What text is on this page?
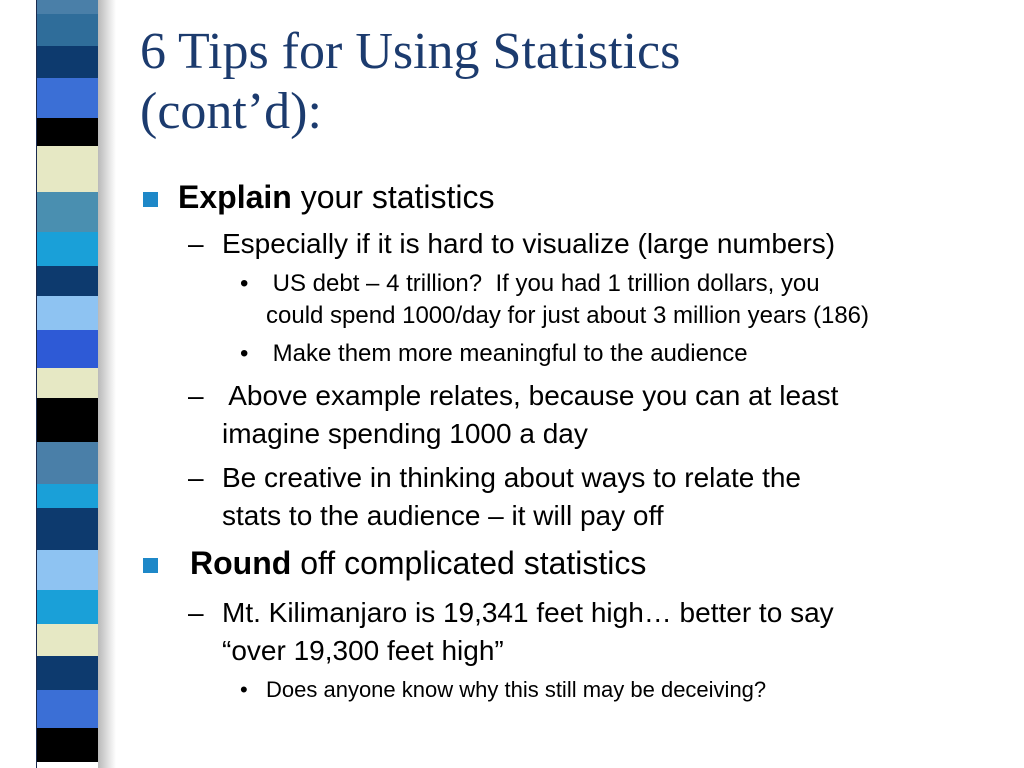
6 Tips for Using Statistics
(cont’d):
Explain your statistics
– Especially if it is hard to visualize (large numbers)
• US debt – 4 trillion?  If you had 1 trillion dollars, you
could spend 1000/day for just about 3 million years (186)
• Make them more meaningful to the audience
– Above example relates, because you can at least
imagine spending 1000 a day
– Be creative in thinking about ways to relate the
stats to the audience – it will pay off
Round off complicated statistics
– Mt. Kilimanjaro is 19,341 feet high… better to say
“over 19,300 feet high”
• Does anyone know why this still may be deceiving?
